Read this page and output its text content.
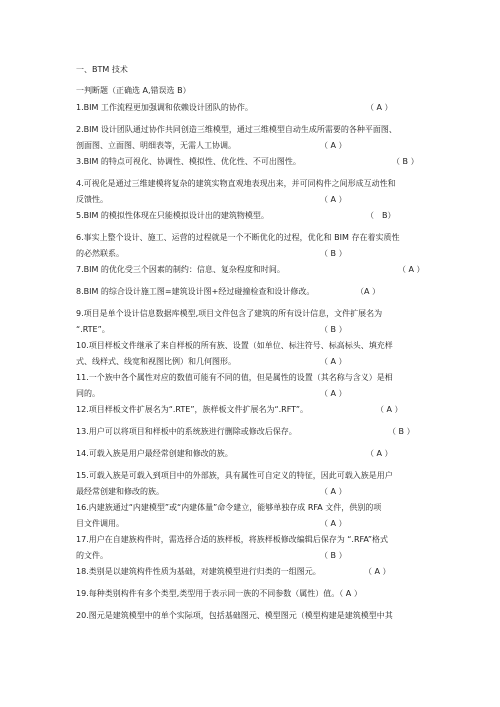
一、BTM 技术
一判断题（正确选 A,错误选 B）
1.BIM 工作流程更加强调和依赖设计团队的协作。	（ A ）
2.BIM 设计团队通过协作共同创造三维模型，通过三维模型自动生成所需要的各种平面图、
剖面图、立面图、明细表等，无需人工协调。	（ A ）
3.BIM 的特点可视化、协调性、模拟性、优化性、不可出图性。	（ B ）
4.可视化是通过三维建模将复杂的建筑实物直观地表现出来，并可同构件之间形成互动性和
反馈性。	（ A ）
5.BIM 的模拟性体现在只能模拟设计出的建筑物模型。	（　B）
6.事实上整个设计、施工、运营的过程就是一个不断优化的过程，优化和 BIM 存在着实质性
的必然联系。	（ B ）
7.BIM 的优化受三个因素的制约：信息、复杂程度和时间。	（ A ）
8.BIM 的综合设计施工图=建筑设计图+经过碰撞检查和设计修改。	（A ）
9.项目是单个设计信息数据库模型,项目文件包含了建筑的所有设计信息，文件扩展名为
“.RTE”。	（ B ）
10.项目样板文件继承了来自样板的所有族、设置（如单位、标注符号、标高标头、填充样
式、线样式、线宽和视图比例）和几何图形。	（ A ）
11.一个族中各个属性对应的数值可能有不同的值，但是属性的设置（其名称与含义）是相
同的。	（ A ）
12.项目样板文件扩展名为“.RTE”，族样板文件扩展名为“.RFT”。	（ A ）
13.用户可以将项目和样板中的系统族进行删除或修改后保存。	（ B ）
14.可载入族是用户最经常创建和修改的族。	（ A ）
15.可载入族是可载入到项目中的外部族，具有属性可自定义的特征，因此可载入族是用户
最经常创建和修改的族。	（ A ）
16.内建族通过“内建模型”或“内建体量”命令建立，能够单独存成 RFA 文件，供别的项
目文件调用。	（ A ）
17.用户在自建族构件时，需选择合适的族样板，将族样板修改编辑后保存为 “.RFA”格式
的文件。	（ B ）
18.类别是以建筑构件性质为基础，对建筑模型进行归类的一组图元。	（ A ）
19.每种类别构件有多个类型,类型用于表示同一族的不同参数（属性）值。（ A ）
20.图元是建筑模型中的单个实际项，包括基础图元、模型图元（模型构建是建筑模型中其
